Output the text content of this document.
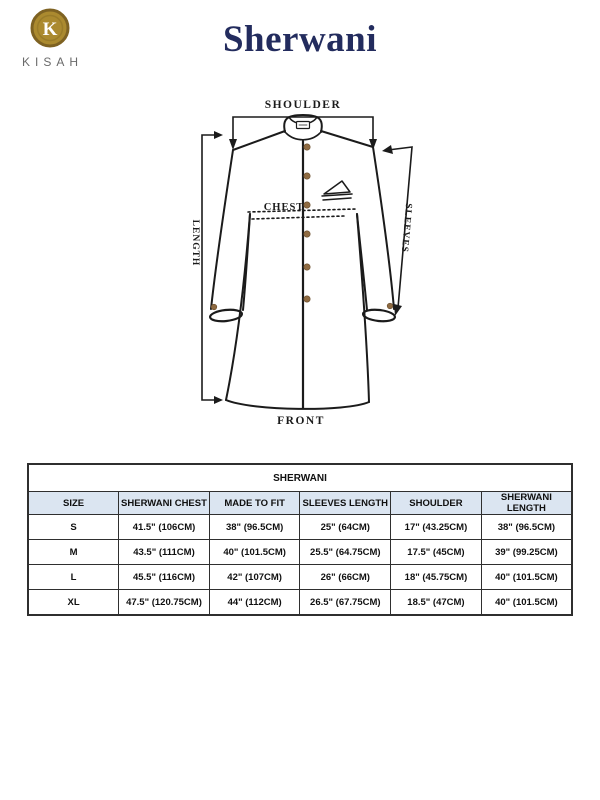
K
KISAH
Sherwani
SHOULDER
CHEST
LENGTH	SLEEVES
FRONT
SHERWANI					
SIZE	SHERWANI CHEST	MADE TO FIT	SLEEVES LENGTH	SHOULDER	SHERWANI LENGTH
S	41.5" (106CM)	38" (96.5CM)	25" (64CM)	17" (43.25CM)	38" (96.5CM)
M	43.5" (111CM)	40" (101.5CM)	25.5" (64.75CM)	17.5" (45CM)	39" (99.25CM)
L	45.5" (116CM)	42" (107CM)	26" (66CM)	18" (45.75CM)	40" (101.5CM)
XL	47.5" (120.75CM)	44" (112CM)	26.5" (67.75CM)	18.5" (47CM)	40" (101.5CM)
